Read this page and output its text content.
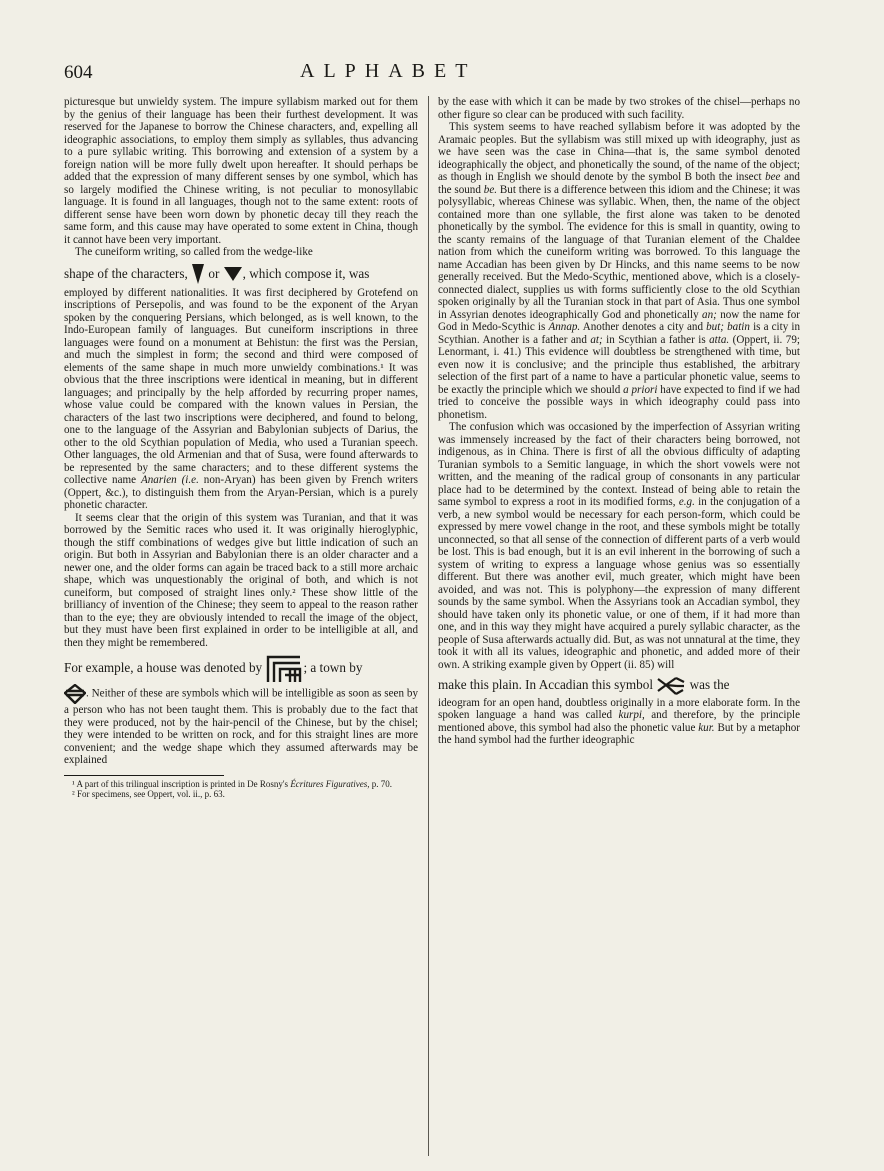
604	ALPHABET

picturesque but unwieldy system. The impure syllabism marked out for them by the genius of their language has been their furthest development. It was reserved for the Japanese to borrow the Chinese characters, and, expelling all ideographic associations, to employ them simply as syllables, thus advancing to a pure syllabic writing. This borrowing and extension of a system by a foreign nation will be more fully dwelt upon hereafter. It should perhaps be added that the expression of many different senses by one symbol, which has so largely modified the Chinese writing, is not peculiar to monosyllabic language. It is found in all languages, though not to the same extent: roots of different sense have been worn down by phonetic decay till they reach the same form, and this cause may have operated to some extent in China, though it cannot have been very important.

The cuneiform writing, so called from the wedge-like

shape of the characters, or , which compose it, was

employed by different nationalities. It was first deciphered by Grotefend on inscriptions of Persepolis, and was found to be the exponent of the Aryan spoken by the conquering Persians, which belonged, as is well known, to the Indo-European family of languages. But cuneiform inscriptions in three languages were found on a monument at Behistun: the first was the Persian, and much the simplest in form; the second and third were composed of elements of the same shape in much more unwieldy combinations.¹ It was obvious that the three inscriptions were identical in meaning, but in different languages; and principally by the help afforded by recurring proper names, whose value could be compared with the known values in Persian, the characters of the last two inscriptions were deciphered, and found to belong, one to the language of the Assyrian and Babylonian subjects of Darius, the other to the old Scythian population of Media, who used a Turanian speech. Other languages, the old Armenian and that of Susa, were found afterwards to be represented by the same characters; and to these different systems the collective name Anarien (i.e. non-Aryan) has been given by French writers (Oppert, &c.), to distinguish them from the Aryan-Persian, which is a purely phonetic character.

It seems clear that the origin of this system was Turanian, and that it was borrowed by the Semitic races who used it. It was originally hieroglyphic, though the stiff combinations of wedges give but little indication of such an origin. But both in Assyrian and Babylonian there is an older character and a newer one, and the older forms can again be traced back to a still more archaic shape, which was unquestionably the original of both, and which is not cuneiform, but composed of straight lines only.² These show little of the brilliancy of invention of the Chinese; they seem to appeal to the reason rather than to the eye; they are obviously intended to recall the image of the object, but they must have been first explained in order to be intelligible at all, and then they might be remembered.

For example, a house was denoted by	; a town by

. Neither of these are symbols which will be intelligible as soon as seen by a person who has not been taught them. This is probably due to the fact that they were produced, not by the hair-pencil of the Chinese, but by the chisel; they were intended to be written on rock, and for this straight lines are more convenient; and the wedge shape which they assumed afterwards may be explained

¹ A part of this trilingual inscription is printed in De Rosny's Écritures Figuratives, p. 70.

² For specimens, see Oppert, vol. ii., p. 63.

by the ease with which it can be made by two strokes of the chisel—perhaps no other figure so clear can be produced with such facility.

This system seems to have reached syllabism before it was adopted by the Aramaic peoples. But the syllabism was still mixed up with ideography, just as we have seen was the case in China—that is, the same symbol denoted ideographically the object, and phonetically the sound, of the name of the object; as though in English we should denote by the symbol B both the insect bee and the sound be. But there is a difference between this idiom and the Chinese; it was polysyllabic, whereas Chinese was syllabic. When, then, the name of the object contained more than one syllable, the first alone was taken to be denoted phonetically by the symbol. The evidence for this is small in quantity, owing to the scanty remains of the language of that Turanian element of the Chaldee nation from which the cuneiform writing was borrowed. To this language the name Accadian has been given by Dr Hincks, and this name seems to be now generally received. But the Medo-Scythic, mentioned above, which is a closely-connected dialect, supplies us with forms sufficiently close to the old Scythian spoken originally by all the Turanian stock in that part of Asia. Thus one symbol in Assyrian denotes ideographically God and phonetically an; now the name for God in Medo-Scythic is Annap. Another denotes a city and but; batin is a city in Scythian. Another is a father and at; in Scythian a father is atta. (Oppert, ii. 79; Lenormant, i. 41.) This evidence will doubtless be strengthened with time, but even now it is conclusive; and the principle thus established, the arbitrary selection of the first part of a name to have a particular phonetic value, seems to be exactly the principle which we should a priori have expected to find if we had tried to conceive the possible ways in which ideography could pass into phonetism.

The confusion which was occasioned by the imperfection of Assyrian writing was immensely increased by the fact of their characters being borrowed, not indigenous, as in China. There is first of all the obvious difficulty of adapting Turanian symbols to a Semitic language, in which the short vowels were not written, and the meaning of the radical group of consonants in any particular place had to be determined by the context. Instead of being able to retain the same symbol to express a root in its modified forms, e.g. in the conjugation of a verb, a new symbol would be necessary for each person-form, which could be expressed by mere vowel change in the root, and these symbols might be totally unconnected, so that all sense of the connection of different parts of a verb would be lost. This is bad enough, but it is an evil inherent in the borrowing of such a system of writing to express a language whose genius was so essentially different. But there was another evil, much greater, which might have been avoided, and was not. This is polyphony—the expression of many different sounds by the same symbol. When the Assyrians took an Accadian symbol, they should have taken only its phonetic value, or one of them, if it had more than one, and in this way they might have acquired a purely syllabic character, as the people of Susa afterwards actually did. But, as was not unnatural at the time, they took it with all its values, ideographic and phonetic, and added more of their own. A striking example given by Oppert (ii. 85) will

make this plain. In Accadian this symbol	was the

ideogram for an open hand, doubtless originally in a more elaborate form. In the spoken language a hand was called kurpi, and therefore, by the principle mentioned above, this symbol had also the phonetic value kur. But by a metaphor the hand symbol had the further ideographic
